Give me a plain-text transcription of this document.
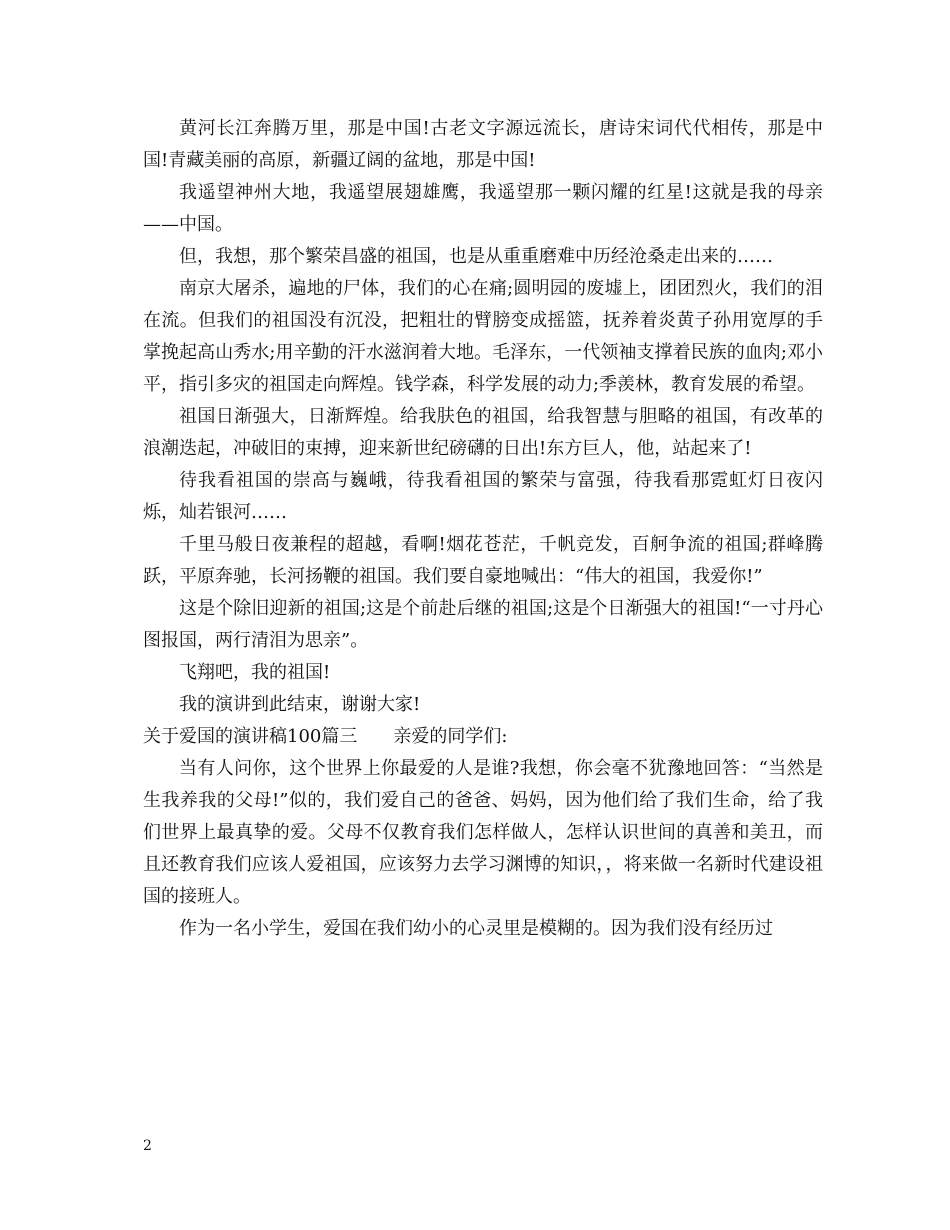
黄河长江奔腾万里，那是中国!古老文字源远流长，唐诗宋词代代相传，那是中国!青藏美丽的高原，新疆辽阔的盆地，那是中国!

我遥望神州大地，我遥望展翅雄鹰，我遥望那一颗闪耀的红星!这就是我的母亲——中国。

但，我想，那个繁荣昌盛的祖国，也是从重重磨难中历经沧桑走出来的……

南京大屠杀，遍地的尸体，我们的心在痛;圆明园的废墟上，团团烈火，我们的泪在流。但我们的祖国没有沉没，把粗壮的臂膀变成摇篮，抚养着炎黄子孙用宽厚的手掌挽起高山秀水;用辛勤的汗水滋润着大地。毛泽东，一代领袖支撑着民族的血肉;邓小平，指引多灾的祖国走向辉煌。钱学森，科学发展的动力;季羡林，教育发展的希望。

祖国日渐强大，日渐辉煌。给我肤色的祖国，给我智慧与胆略的祖国，有改革的浪潮迭起，冲破旧的束搏，迎来新世纪磅礴的日出!东方巨人，他，站起来了!

待我看祖国的崇高与巍峨，待我看祖国的繁荣与富强，待我看那霓虹灯日夜闪烁，灿若银河……

千里马般日夜兼程的超越，看啊!烟花苍茫，千帆竞发，百舸争流的祖国;群峰腾跃，平原奔驰，长河扬鞭的祖国。我们要自豪地喊出：“伟大的祖国，我爱你!”

这是个除旧迎新的祖国;这是个前赴后继的祖国;这是个日渐强大的祖国!“一寸丹心图报国，两行清泪为思亲”。

飞翔吧，我的祖国!

我的演讲到此结束，谢谢大家!

关于爱国的演讲稿100篇三 亲爱的同学们:

当有人问你，这个世界上你最爱的人是谁?我想，你会毫不犹豫地回答：“当然是生我养我的父母!”似的，我们爱自己的爸爸、妈妈，因为他们给了我们生命，给了我们世界上最真挚的爱。父母不仅教育我们怎样做人，怎样认识世间的真善和美丑，而且还教育我们应该人爱祖国，应该努力去学习渊博的知识，，将来做一名新时代建设祖国的接班人。

作为一名小学生，爱国在我们幼小的心灵里是模糊的。因为我们没有经历过

2
